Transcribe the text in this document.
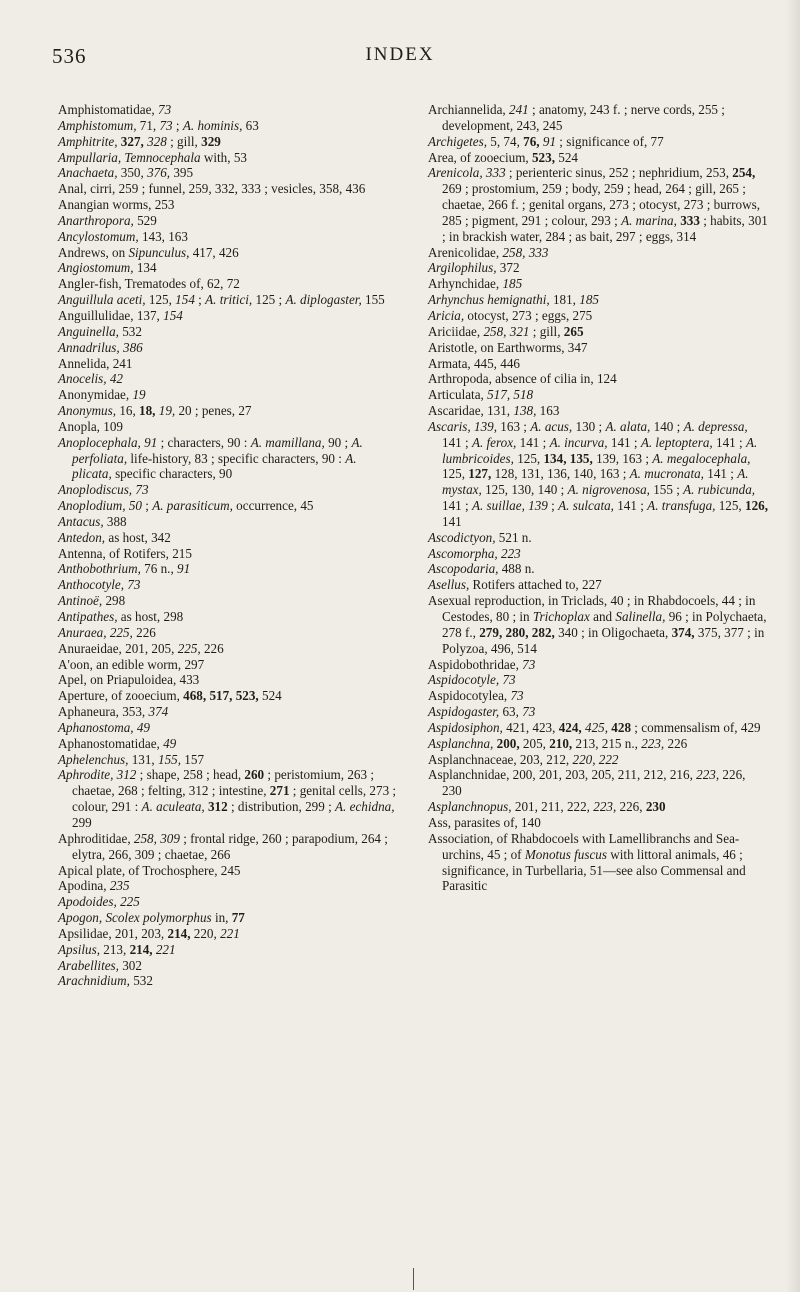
536	INDEX

Amphistomatidae, 73

Amphistomum, 71, 73 ; A. hominis, 63

Amphitrite, 327, 328 ; gill, 329

Ampullaria, Temnocephala with, 53

Anachaeta, 350, 376, 395

Anal, cirri, 259 ; funnel, 259, 332, 333 ; vesicles, 358, 436

Anangian worms, 253

Anarthropora, 529

Ancylostomum, 143, 163

Andrews, on Sipunculus, 417, 426

Angiostomum, 134

Angler-fish, Trematodes of, 62, 72

Anguillula aceti, 125, 154 ; A. tritici, 125 ; A. diplogaster, 155

Anguillulidae, 137, 154

Anguinella, 532

Annadrilus, 386

Annelida, 241

Anocelis, 42

Anonymidae, 19

Anonymus, 16, 18, 19, 20 ; penes, 27

Anopla, 109

Anoplocephala, 91 ; characters, 90 : A. mamillana, 90 ; A. perfoliata, life-history, 83 ; specific characters, 90 : A. plicata, specific characters, 90

Anoplodiscus, 73

Anoplodium, 50 ; A. parasiticum, occurrence, 45

Antacus, 388

Antedon, as host, 342

Antenna, of Rotifers, 215

Anthobothrium, 76 n., 91

Anthocotyle, 73

Antinoë, 298

Antipathes, as host, 298

Anuraea, 225, 226

Anuraeidae, 201, 205, 225, 226

A'oon, an edible worm, 297

Apel, on Priapuloidea, 433

Aperture, of zooecium, 468, 517, 523, 524

Aphaneura, 353, 374

Aphanostoma, 49

Aphanostomatidae, 49

Aphelenchus, 131, 155, 157

Aphrodite, 312 ; shape, 258 ; head, 260 ; peristomium, 263 ; chaetae, 268 ; felting, 312 ; intestine, 271 ; genital cells, 273 ; colour, 291 : A. aculeata, 312 ; distribution, 299 ; A. echidna, 299

Aphroditidae, 258, 309 ; frontal ridge, 260 ; parapodium, 264 ; elytra, 266, 309 ; chaetae, 266

Apical plate, of Trochosphere, 245

Apodina, 235

Apodoides, 225

Apogon, Scolex polymorphus in, 77

Apsilidae, 201, 203, 214, 220, 221

Apsilus, 213, 214, 221

Arabellites, 302

Arachnidium, 532

Archiannelida, 241 ; anatomy, 243 f. ; nerve cords, 255 ; development, 243, 245

Archigetes, 5, 74, 76, 91 ; significance of, 77

Area, of zooecium, 523, 524

Arenicola, 333 ; perienteric sinus, 252 ; nephridium, 253, 254, 269 ; prostomium, 259 ; body, 259 ; head, 264 ; gill, 265 ; chaetae, 266 f. ; genital organs, 273 ; otocyst, 273 ; burrows, 285 ; pigment, 291 ; colour, 293 ; A. marina, 333 ; habits, 301 ; in brackish water, 284 ; as bait, 297 ; eggs, 314

Arenicolidae, 258, 333

Argilophilus, 372

Arhynchidae, 185

Arhynchus hemignathi, 181, 185

Aricia, otocyst, 273 ; eggs, 275

Ariciidae, 258, 321 ; gill, 265

Aristotle, on Earthworms, 347

Armata, 445, 446

Arthropoda, absence of cilia in, 124

Articulata, 517, 518

Ascaridae, 131, 138, 163

Ascaris, 139, 163 ; A. acus, 130 ; A. alata, 140 ; A. depressa, 141 ; A. ferox, 141 ; A. incurva, 141 ; A. leptoptera, 141 ; A. lumbricoides, 125, 134, 135, 139, 163 ; A. megalocephala, 125, 127, 128, 131, 136, 140, 163 ; A. mucronata, 141 ; A. mystax, 125, 130, 140 ; A. nigrovenosa, 155 ; A. rubicunda, 141 ; A. suillae, 139 ; A. sulcata, 141 ; A. transfuga, 125, 126, 141

Ascodictyon, 521 n.

Ascomorpha, 223

Ascopodaria, 488 n.

Asellus, Rotifers attached to, 227

Asexual reproduction, in Triclads, 40 ; in Rhabdocoels, 44 ; in Cestodes, 80 ; in Trichoplax and Salinella, 96 ; in Polychaeta, 278 f., 279, 280, 282, 340 ; in Oligochaeta, 374, 375, 377 ; in Polyzoa, 496, 514

Aspidobothridae, 73

Aspidocotyle, 73

Aspidocotylea, 73

Aspidogaster, 63, 73

Aspidosiphon, 421, 423, 424, 425, 428 ; commensalism of, 429

Asplanchna, 200, 205, 210, 213, 215 n., 223, 226

Asplanchnaceae, 203, 212, 220, 222

Asplanchnidae, 200, 201, 203, 205, 211, 212, 216, 223, 226, 230

Asplanchnopus, 201, 211, 222, 223, 226, 230

Ass, parasites of, 140

Association, of Rhabdocoels with Lamellibranchs and Sea-urchins, 45 ; of Monotus fuscus with littoral animals, 46 ; significance, in Turbellaria, 51—see also Commensal and Parasitic
